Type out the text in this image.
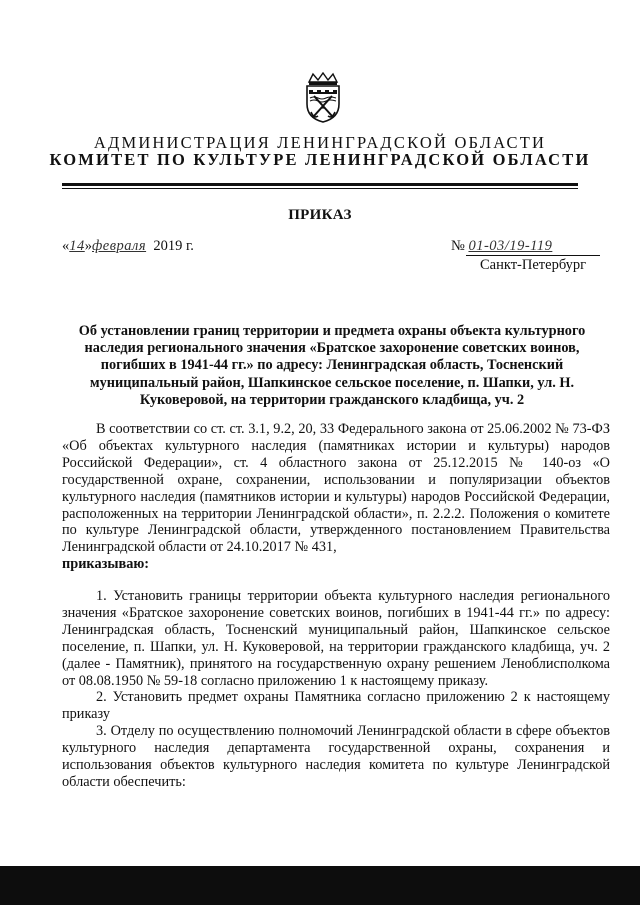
АДМИНИСТРАЦИЯ ЛЕНИНГРАДСКОЙ ОБЛАСТИ
КОМИТЕТ ПО КУЛЬТУРЕ ЛЕНИНГРАДСКОЙ ОБЛАСТИ
ПРИКАЗ
«14»февраля 2019 г.	№ 01-03/19-119
Санкт-Петербург
Об установлении границ территории и предмета охраны объекта культурного наследия регионального значения «Братское захоронение советских воинов, погибших в 1941-44 гг.» по адресу: Ленинградская область, Тосненский муниципальный район, Шапкинское сельское поселение, п. Шапки, ул. Н. Куковеровой, на территории гражданского кладбища, уч. 2

В соответствии со ст. ст. 3.1, 9.2, 20, 33 Федерального закона от 25.06.2002 № 73-ФЗ «Об объектах культурного наследия (памятниках истории и культуры) народов Российской Федерации», ст. 4 областного закона от 25.12.2015 № 140-оз «О государственной охране, сохранении, использовании и популяризации объектов культурного наследия (памятников истории и культуры) народов Российской Федерации, расположенных на территории Ленинградской области», п. 2.2.2. Положения о комитете по культуре Ленинградской области, утвержденного постановлением Правительства Ленинградской области от 24.10.2017 № 431,
приказываю:

1. Установить границы территории объекта культурного наследия регионального значения «Братское захоронение советских воинов, погибших в 1941-44 гг.» по адресу: Ленинградская область, Тосненский муниципальный район, Шапкинское сельское поселение, п. Шапки, ул. Н. Куковеровой, на территории гражданского кладбища, уч. 2 (далее - Памятник), принятого на государственную охрану решением Леноблисполкома от 08.08.1950 № 59-18 согласно приложению 1 к настоящему приказу.

2. Установить предмет охраны Памятника согласно приложению 2 к настоящему приказу

3. Отделу по осуществлению полномочий Ленинградской области в сфере объектов культурного наследия департамента государственной охраны, сохранения и использования объектов культурного наследия комитета по культуре Ленинградской области обеспечить:
